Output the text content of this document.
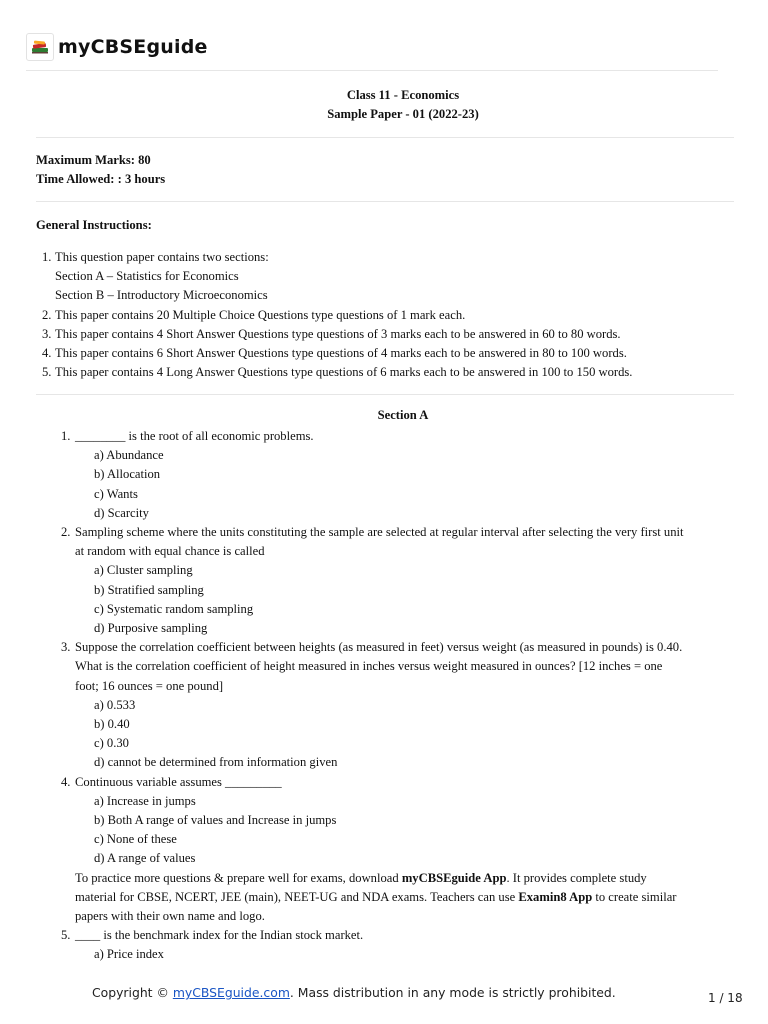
myCBSEguide
Class 11 - Economics
Sample Paper - 01 (2022-23)
Maximum Marks: 80
Time Allowed: : 3 hours
General Instructions:
1. This question paper contains two sections:
Section A – Statistics for Economics
Section B – Introductory Microeconomics
2. This paper contains 20 Multiple Choice Questions type questions of 1 mark each.
3. This paper contains 4 Short Answer Questions type questions of 3 marks each to be answered in 60 to 80 words.
4. This paper contains 6 Short Answer Questions type questions of 4 marks each to be answered in 80 to 100 words.
5. This paper contains 4 Long Answer Questions type questions of 6 marks each to be answered in 100 to 150 words.
Section A
1. ________ is the root of all economic problems.
a) Abundance
b) Allocation
c) Wants
d) Scarcity
2. Sampling scheme where the units constituting the sample are selected at regular interval after selecting the very first unit
at random with equal chance is called
a) Cluster sampling
b) Stratified sampling
c) Systematic random sampling
d) Purposive sampling
3. Suppose the correlation coefficient between heights (as measured in feet) versus weight (as measured in pounds) is 0.40.
What is the correlation coefficient of height measured in inches versus weight measured in ounces? [12 inches = one
foot; 16 ounces = one pound]
a) 0.533
b) 0.40
c) 0.30
d) cannot be determined from information given
4. Continuous variable assumes _________
a) Increase in jumps
b) Both A range of values and Increase in jumps
c) None of these
d) A range of values
To practice more questions & prepare well for exams, download myCBSEguide App. It provides complete study
material for CBSE, NCERT, JEE (main), NEET-UG and NDA exams. Teachers can use Examin8 App to create similar
papers with their own name and logo.
5. ____ is the benchmark index for the Indian stock market.
a) Price index
Copyright © myCBSEguide.com. Mass distribution in any mode is strictly prohibited.	1 / 18
